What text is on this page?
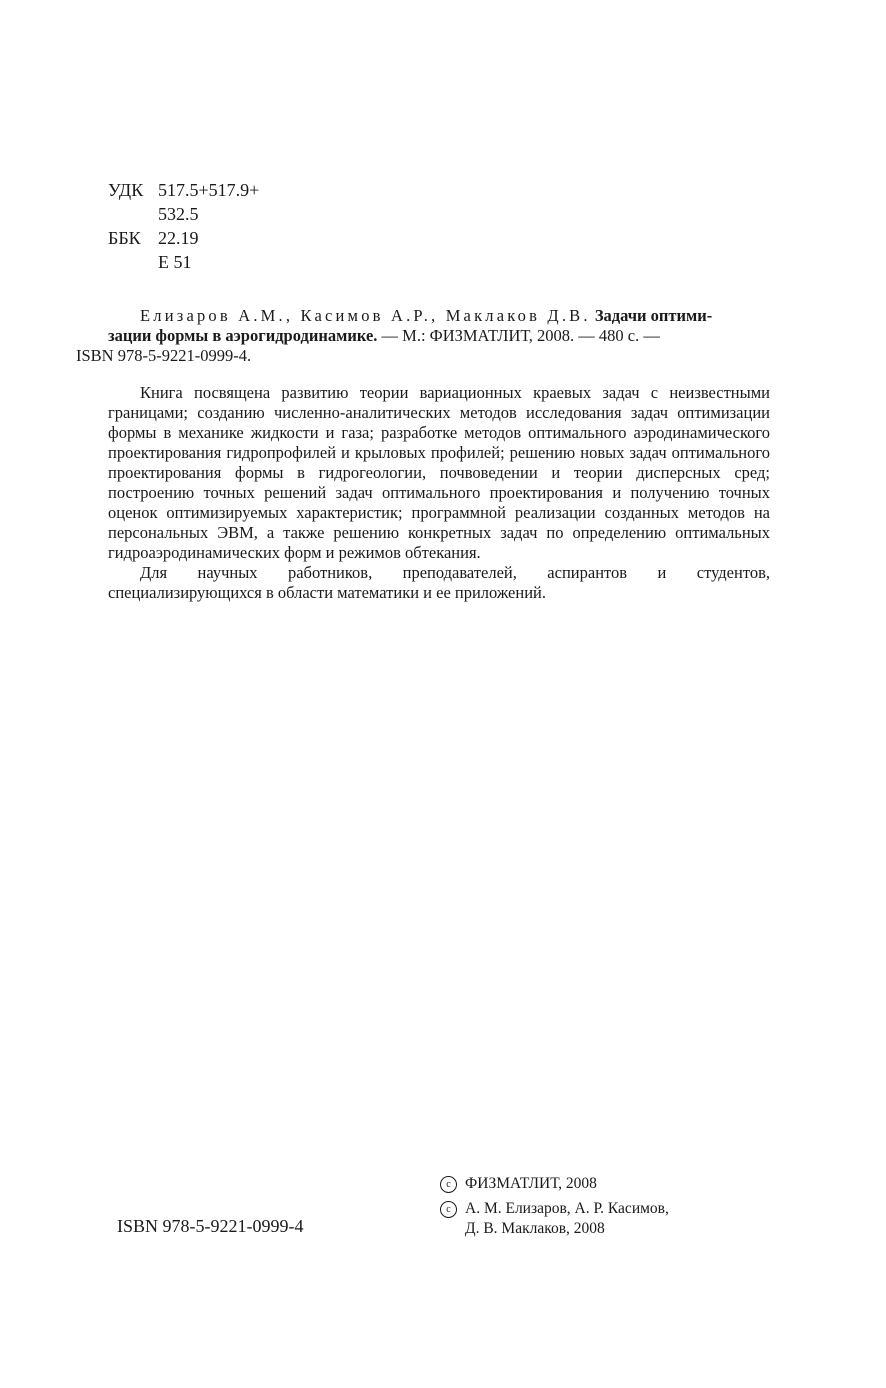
УДК 517.5+517.9+
532.5
ББК 22.19
Е 51

Елизаров А.М., Касимов А.Р., Маклаков Д.В. Задачи оптими-
зации формы в аэрогидродинамике. — М.: ФИЗМАТЛИТ, 2008. — 480 с. —
ISBN 978-5-9221-0999-4.

Книга посвящена развитию теории вариационных краевых задач с неизвестными границами; созданию численно-аналитических методов исследования задач оптимизации формы в механике жидкости и газа; разработке методов оптимального аэродинамического проектирования гидропрофилей и крыловых профилей; решению новых задач оптимального проектирования формы в гидрогеологии, почвоведении и теории дисперсных сред; построению точных решений задач оптимального проектирования и получению точных оценок оптимизируемых характеристик; программной реализации созданных методов на персональных ЭВМ, а также решению конкретных задач по определению оптимальных гидроаэродинамических форм и режимов обтекания.

Для научных работников, преподавателей, аспирантов и студентов, специализирующихся в области математики и ее приложений.

ISBN 978-5-9221-0999-4
c ФИЗМАТЛИТ, 2008
c А. М. Елизаров, А. Р. Касимов,
Д. В. Маклаков, 2008
